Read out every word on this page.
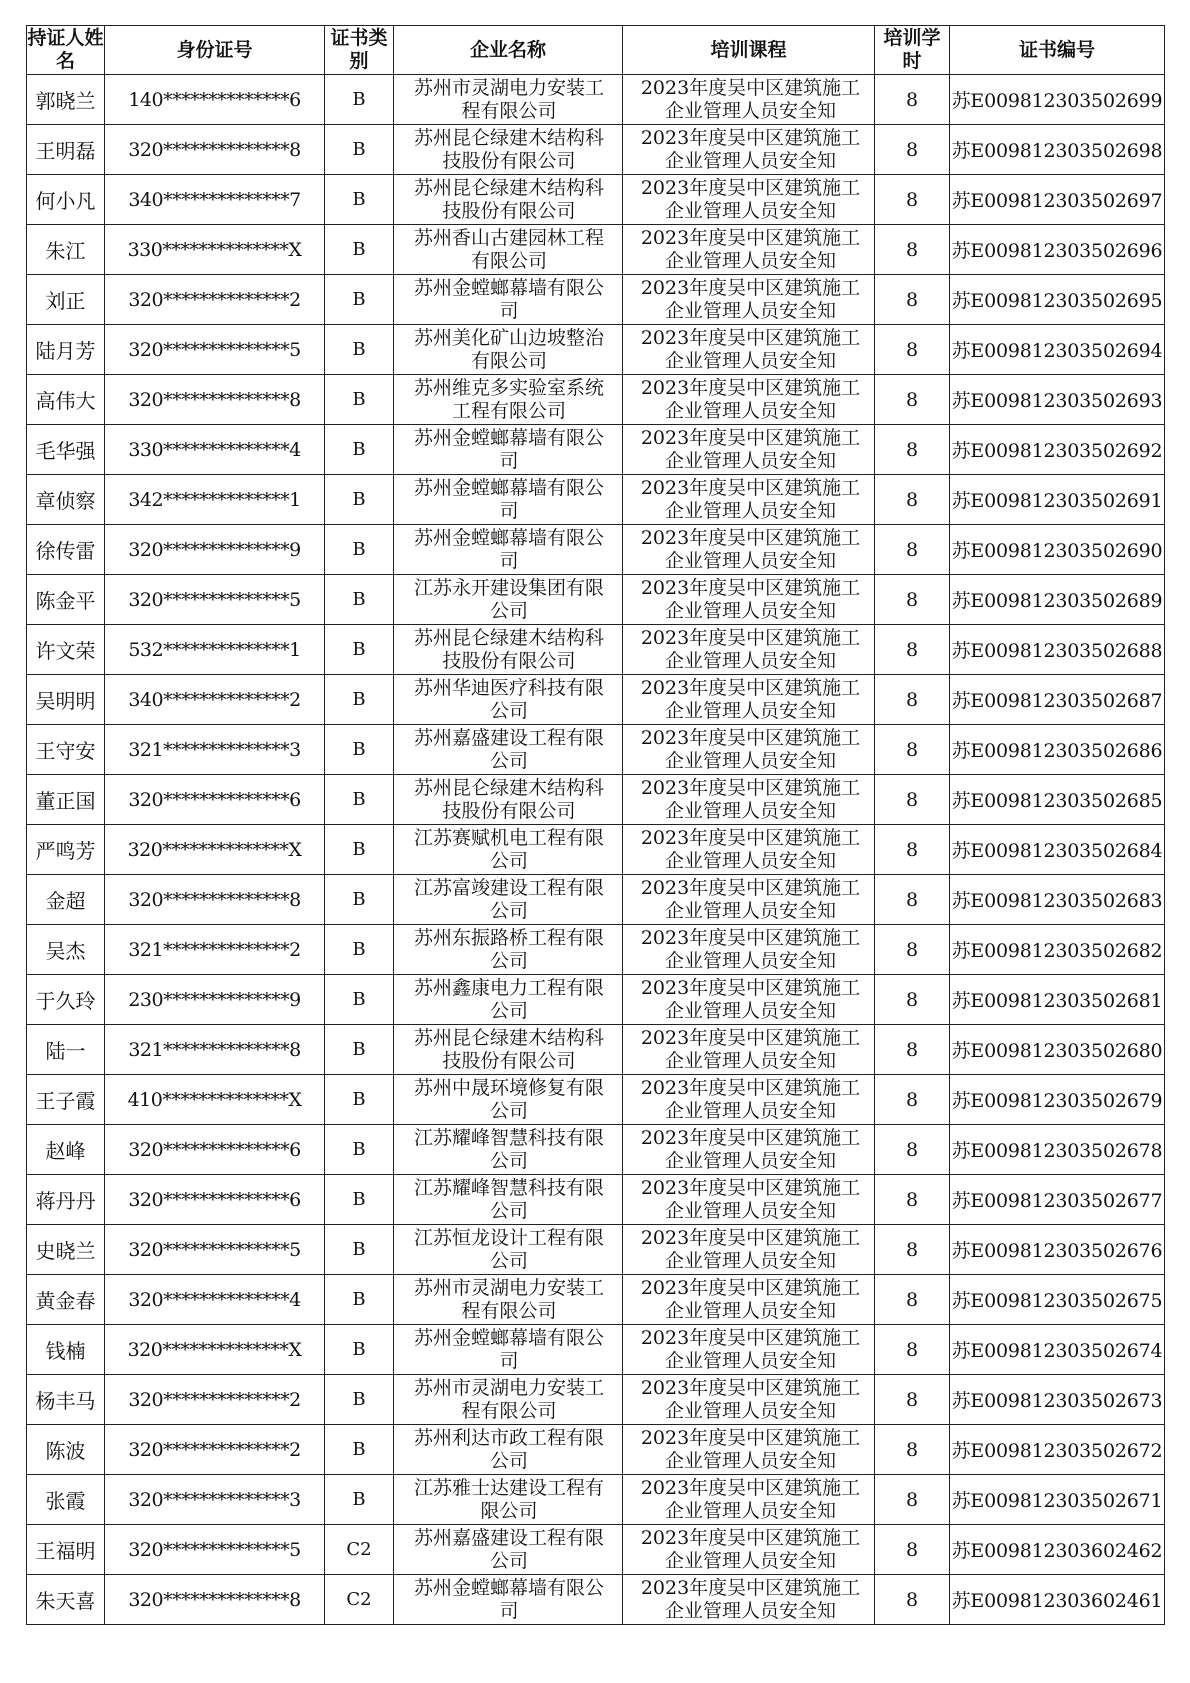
持证人姓名	身份证号	证书类别	企业名称	培训课程	培训学时	证书编号
郭晓兰	140**************6	B	苏州市灵湖电力安装工程有限公司	2023年度吴中区建筑施工企业管理人员安全知	8	苏E009812303502699
王明磊	320**************8	B	苏州昆仑绿建木结构科技股份有限公司	2023年度吴中区建筑施工企业管理人员安全知	8	苏E009812303502698
何小凡	340**************7	B	苏州昆仑绿建木结构科技股份有限公司	2023年度吴中区建筑施工企业管理人员安全知	8	苏E009812303502697
朱江	330**************X	B	苏州香山古建园林工程有限公司	2023年度吴中区建筑施工企业管理人员安全知	8	苏E009812303502696
刘正	320**************2	B	苏州金螳螂幕墙有限公司	2023年度吴中区建筑施工企业管理人员安全知	8	苏E009812303502695
陆月芳	320**************5	B	苏州美化矿山边坡整治有限公司	2023年度吴中区建筑施工企业管理人员安全知	8	苏E009812303502694
高伟大	320**************8	B	苏州维克多实验室系统工程有限公司	2023年度吴中区建筑施工企业管理人员安全知	8	苏E009812303502693
毛华强	330**************4	B	苏州金螳螂幕墙有限公司	2023年度吴中区建筑施工企业管理人员安全知	8	苏E009812303502692
章侦察	342**************1	B	苏州金螳螂幕墙有限公司	2023年度吴中区建筑施工企业管理人员安全知	8	苏E009812303502691
徐传雷	320**************9	B	苏州金螳螂幕墙有限公司	2023年度吴中区建筑施工企业管理人员安全知	8	苏E009812303502690
陈金平	320**************5	B	江苏永开建设集团有限公司	2023年度吴中区建筑施工企业管理人员安全知	8	苏E009812303502689
许文荣	532**************1	B	苏州昆仑绿建木结构科技股份有限公司	2023年度吴中区建筑施工企业管理人员安全知	8	苏E009812303502688
吴明明	340**************2	B	苏州华迪医疗科技有限公司	2023年度吴中区建筑施工企业管理人员安全知	8	苏E009812303502687
王守安	321**************3	B	苏州嘉盛建设工程有限公司	2023年度吴中区建筑施工企业管理人员安全知	8	苏E009812303502686
董正国	320**************6	B	苏州昆仑绿建木结构科技股份有限公司	2023年度吴中区建筑施工企业管理人员安全知	8	苏E009812303502685
严鸣芳	320**************X	B	江苏赛赋机电工程有限公司	2023年度吴中区建筑施工企业管理人员安全知	8	苏E009812303502684
金超	320**************8	B	江苏富竣建设工程有限公司	2023年度吴中区建筑施工企业管理人员安全知	8	苏E009812303502683
吴杰	321**************2	B	苏州东振路桥工程有限公司	2023年度吴中区建筑施工企业管理人员安全知	8	苏E009812303502682
于久玲	230**************9	B	苏州鑫康电力工程有限公司	2023年度吴中区建筑施工企业管理人员安全知	8	苏E009812303502681
陆一	321**************8	B	苏州昆仑绿建木结构科技股份有限公司	2023年度吴中区建筑施工企业管理人员安全知	8	苏E009812303502680
王子霞	410**************X	B	苏州中晟环境修复有限公司	2023年度吴中区建筑施工企业管理人员安全知	8	苏E009812303502679
赵峰	320**************6	B	江苏耀峰智慧科技有限公司	2023年度吴中区建筑施工企业管理人员安全知	8	苏E009812303502678
蒋丹丹	320**************6	B	江苏耀峰智慧科技有限公司	2023年度吴中区建筑施工企业管理人员安全知	8	苏E009812303502677
史晓兰	320**************5	B	江苏恒龙设计工程有限公司	2023年度吴中区建筑施工企业管理人员安全知	8	苏E009812303502676
黄金春	320**************4	B	苏州市灵湖电力安装工程有限公司	2023年度吴中区建筑施工企业管理人员安全知	8	苏E009812303502675
钱楠	320**************X	B	苏州金螳螂幕墙有限公司	2023年度吴中区建筑施工企业管理人员安全知	8	苏E009812303502674
杨丰马	320**************2	B	苏州市灵湖电力安装工程有限公司	2023年度吴中区建筑施工企业管理人员安全知	8	苏E009812303502673
陈波	320**************2	B	苏州利达市政工程有限公司	2023年度吴中区建筑施工企业管理人员安全知	8	苏E009812303502672
张霞	320**************3	B	江苏雅士达建设工程有限公司	2023年度吴中区建筑施工企业管理人员安全知	8	苏E009812303502671
王福明	320**************5	C2	苏州嘉盛建设工程有限公司	2023年度吴中区建筑施工企业管理人员安全知	8	苏E009812303602462
朱天喜	320**************8	C2	苏州金螳螂幕墙有限公司	2023年度吴中区建筑施工企业管理人员安全知	8	苏E009812303602461
